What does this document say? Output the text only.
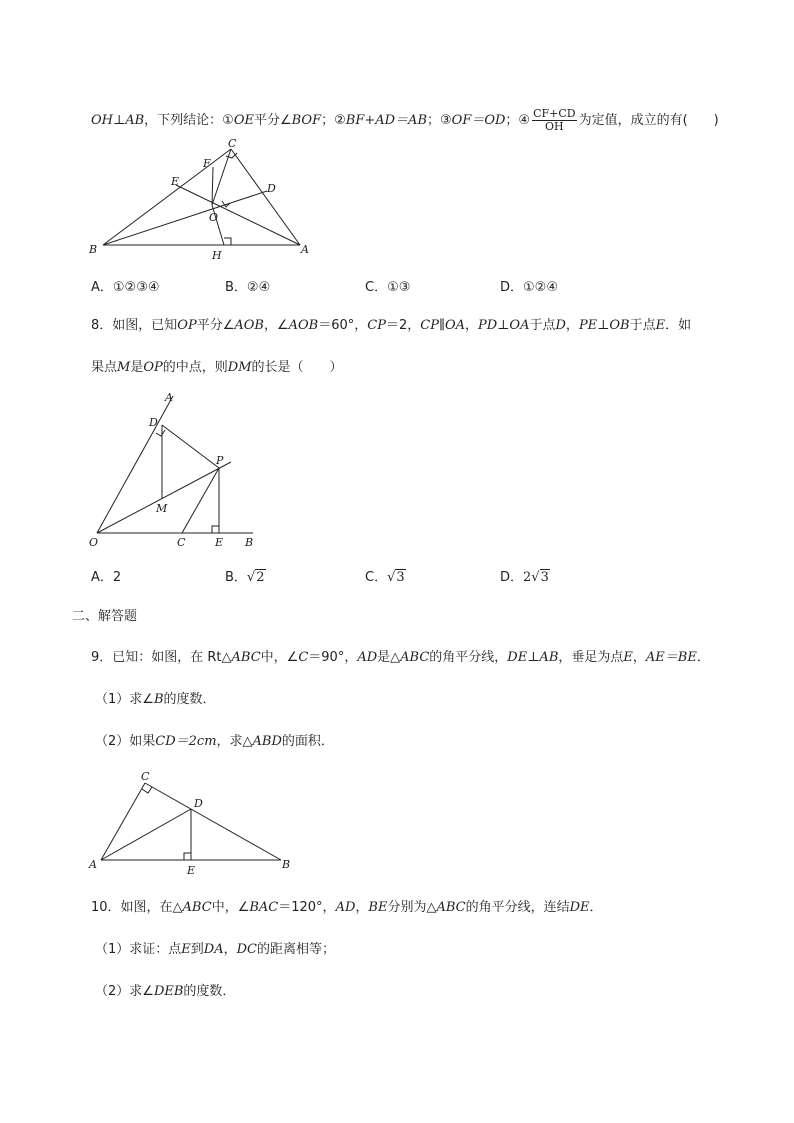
OH⊥AB，下列结论：①OE平分∠BOF；②BF+AD＝AB；③OF＝OD；④ $\frac{CF+CD}{OH}$ 为定值，成立的有(　　)
C
F
E
D
O
B	H	A
A．①②③④	B．②④	C．①③	D．①②④
8．如图，已知OP平分∠AOB，∠AOB＝60°，CP＝2，CP∥OA，PD⊥OA于点D，PE⊥OB于点E．如
果点M是OP的中点，则DM的长是（　　）
A
D
P
M
O	C	E B
A．2	B．√2	C．√3	D．2√3
二、解答题
9．已知：如图，在 Rt△ABC中，∠C＝90°，AD是△ABC的角平分线，DE⊥AB，垂足为点E，AE＝BE．
（1）求∠B的度数．
（2）如果CD＝2cm，求△ABD的面积．
C
D
A	E	B
10．如图，在△ABC中，∠BAC＝120°，AD，BE分别为△ABC的角平分线，连结DE．
（1）求证：点E到DA，DC的距离相等；
（2）求∠DEB的度数．
